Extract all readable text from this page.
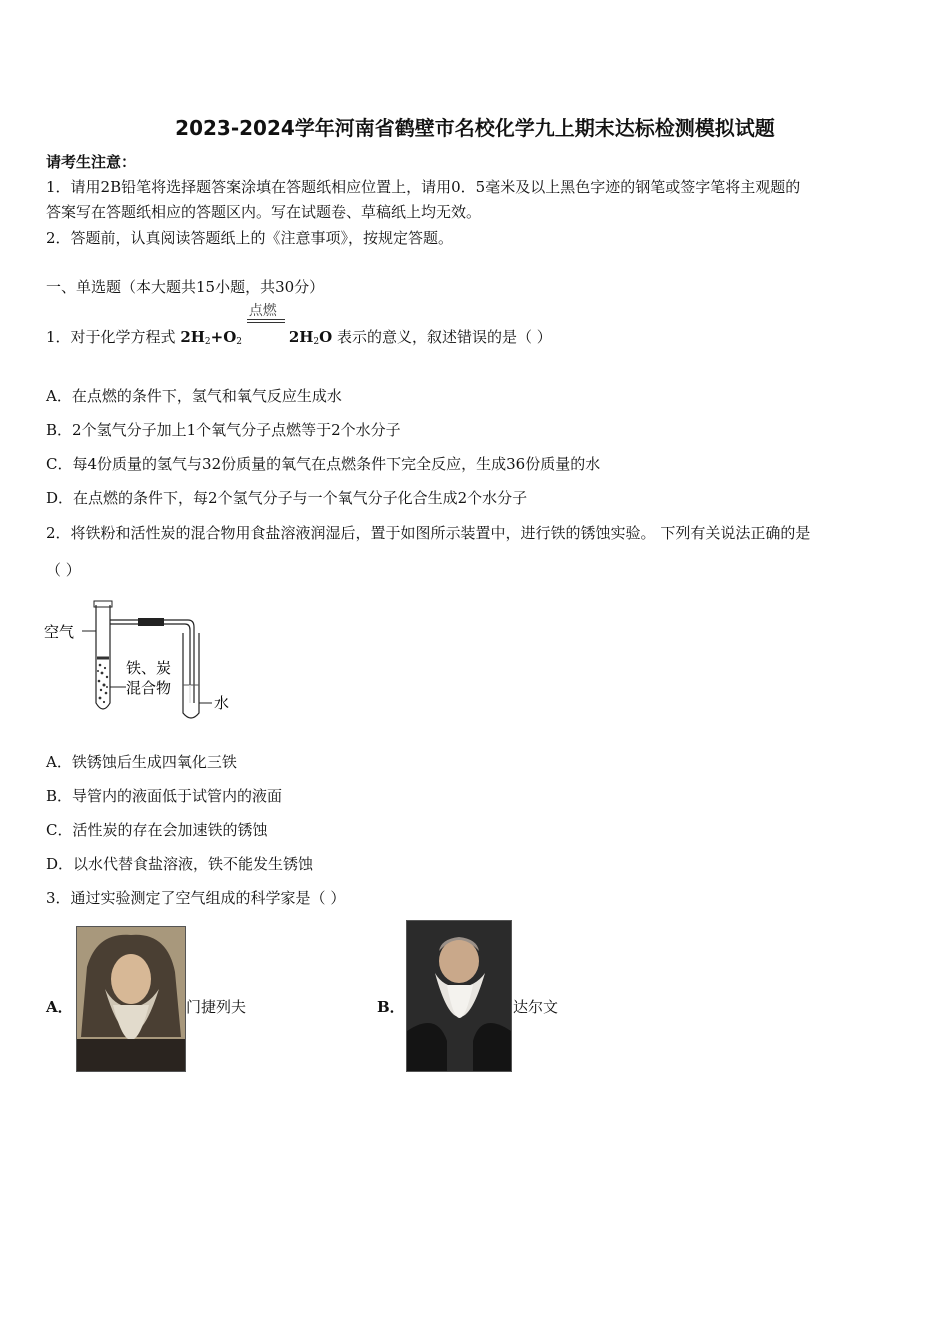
2023-2024学年河南省鹤壁市名校化学九上期末达标检测模拟试题
请考生注意：
1．请用2B铅笔将选择题答案涂填在答题纸相应位置上，请用0．5毫米及以上黑色字迹的钢笔或签字笔将主观题的
答案写在答题纸相应的答题区内。写在试题卷、草稿纸上均无效。
2．答题前，认真阅读答题纸上的《注意事项》，按规定答题。
一、单选题（本大题共15小题，共30分）
1．对于化学方程式 $2H_2+O_2$
点燃
$2H_2O$ 表示的意义，叙述错误的是（ ）
A．在点燃的条件下，氢气和氧气反应生成水
B．2个氢气分子加上1个氧气分子点燃等于2个水分子
C．每4份质量的氢气与32份质量的氧气在点燃条件下完全反应，生成36份质量的水
D．在点燃的条件下，每2个氢气分子与一个氧气分子化合生成2个水分子
2．将铁粉和活性炭的混合物用食盐溶液润湿后，置于如图所示装置中，进行铁的锈蚀实验。 下列有关说法正确的是
（ ）
空气
铁、炭
混合物
水
A．铁锈蚀后生成四氧化三铁
B．导管内的液面低于试管内的液面
C．活性炭的存在会加速铁的锈蚀
D．以水代替食盐溶液，铁不能发生锈蚀
3．通过实验测定了空气组成的科学家是（ ）
A．	门捷列夫	B．	达尔文
